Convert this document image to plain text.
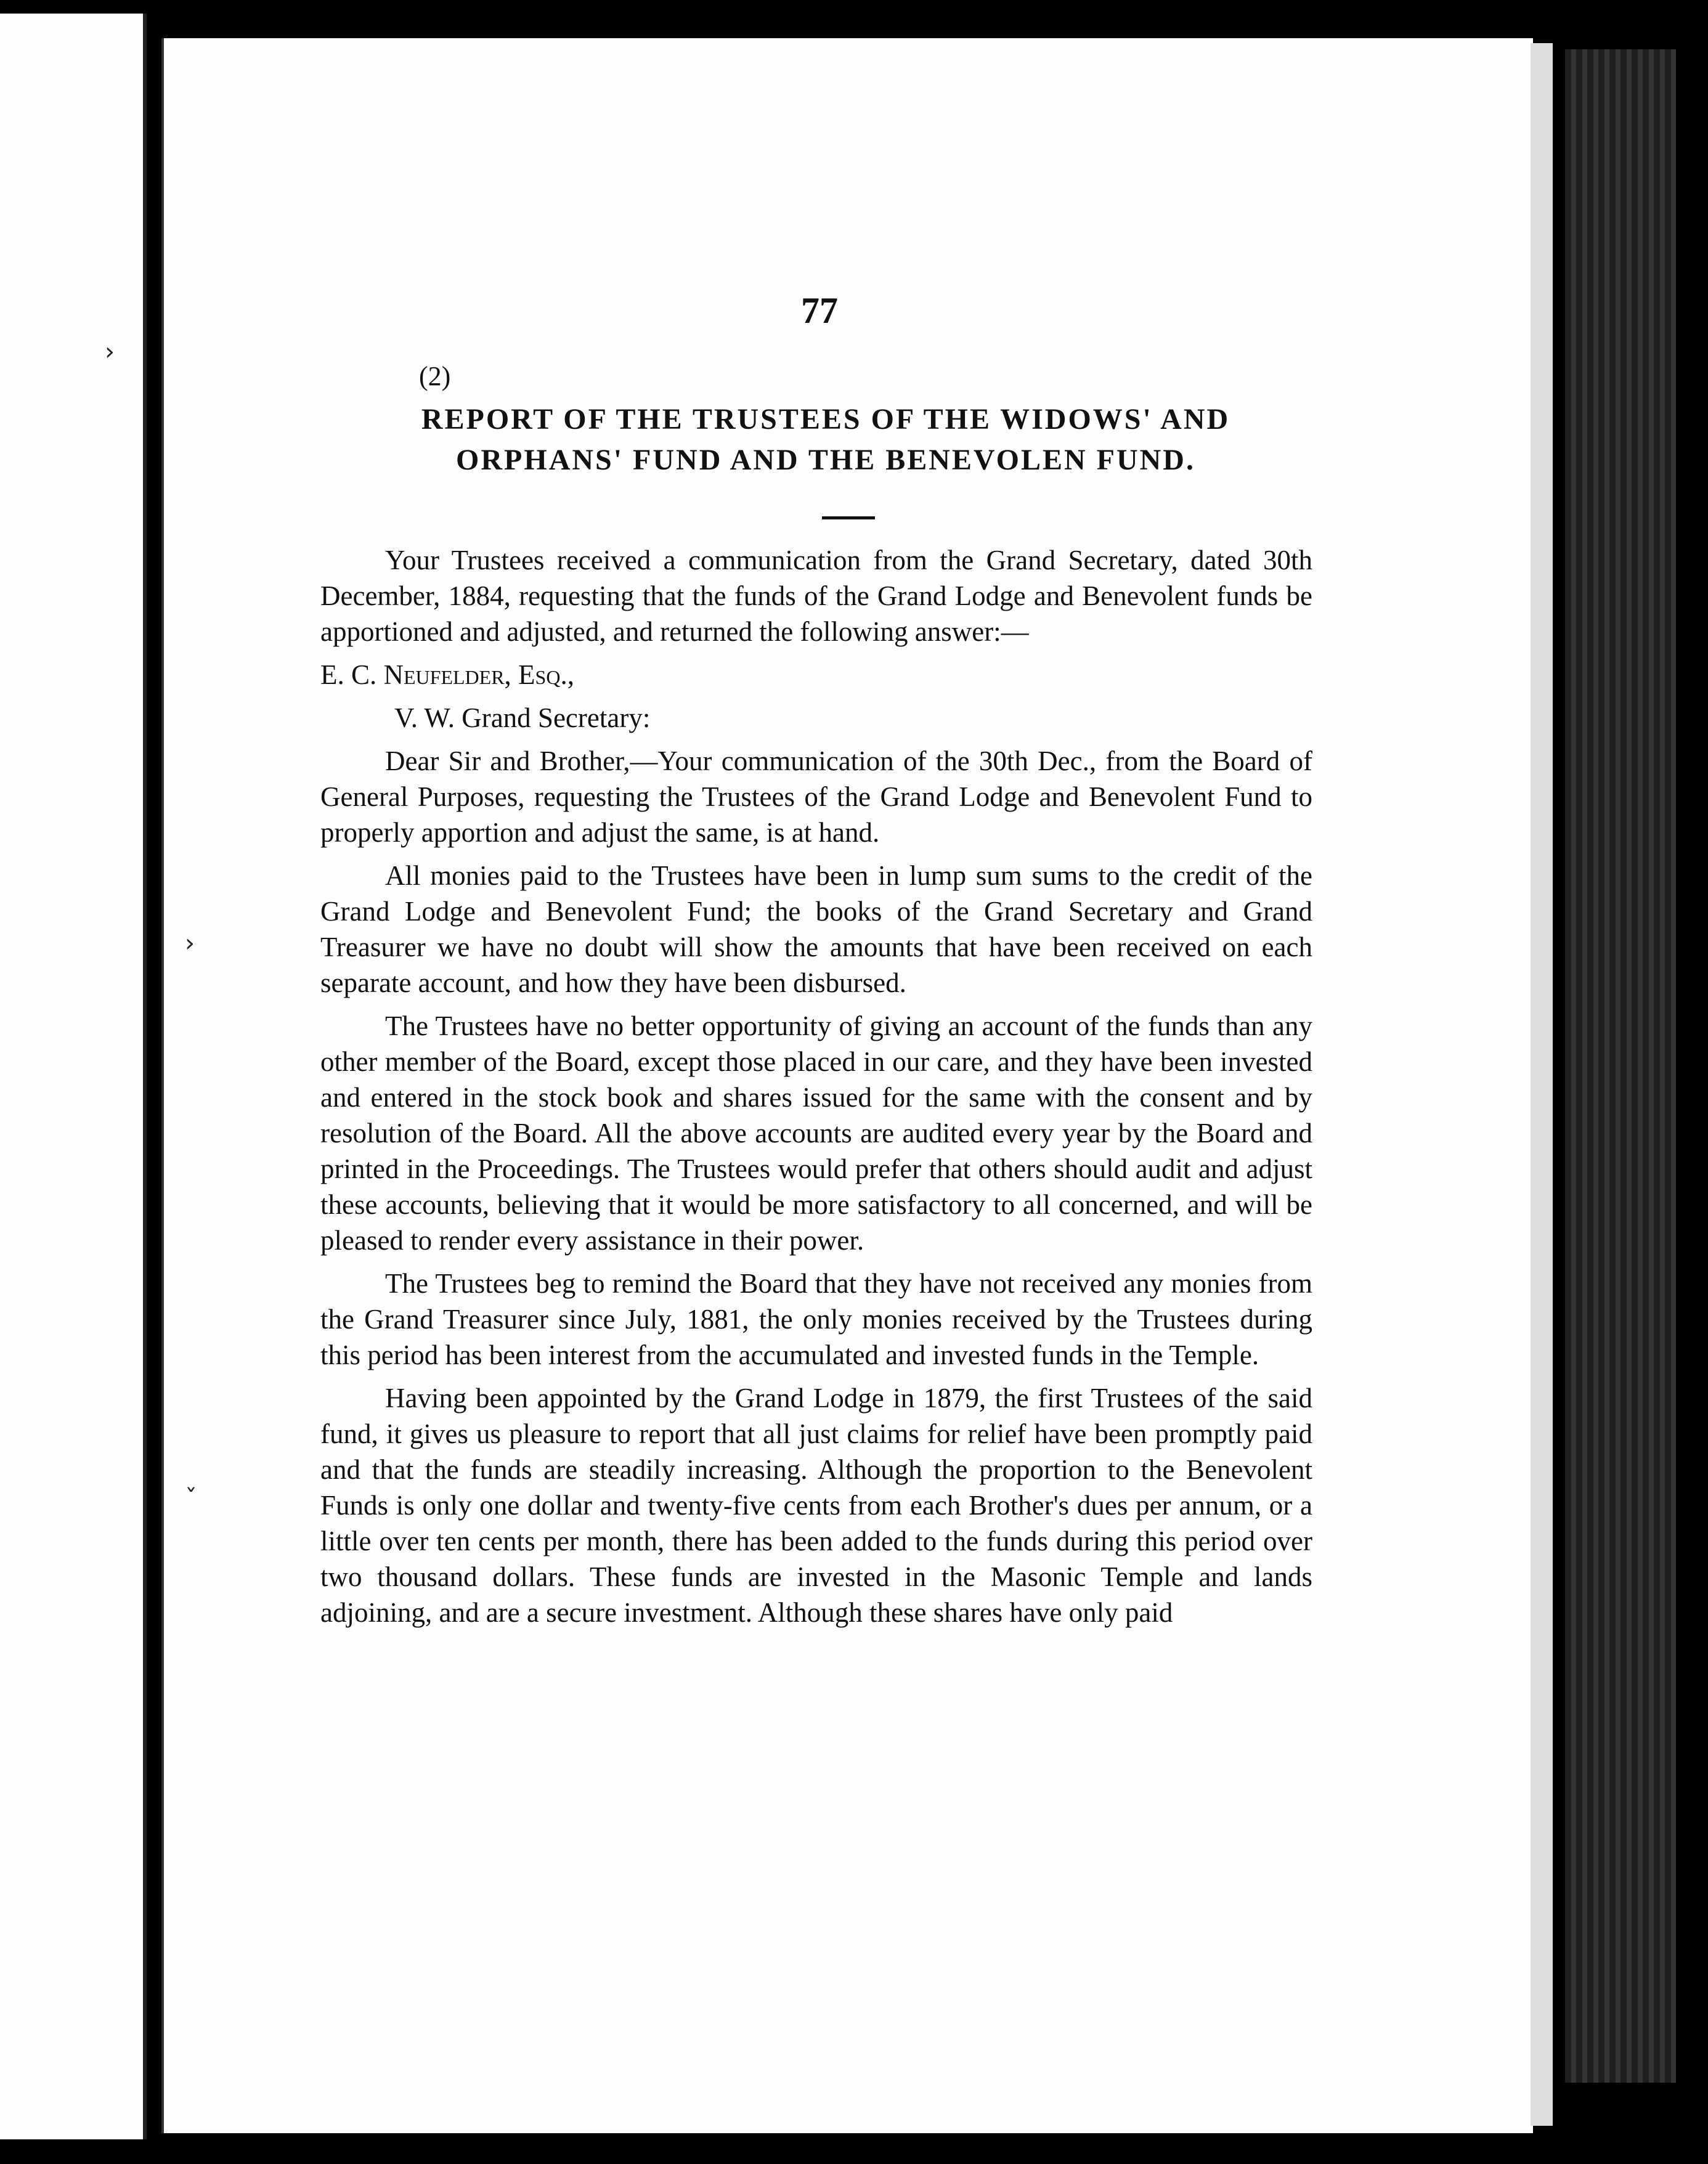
›
›
ˇ
77
(2)
REPORT OF THE TRUSTEES OF THE WIDOWS' AND
ORPHANS' FUND AND THE BENEVOLEN FUND.

Your Trustees received a communication from the Grand Secretary, dated 30th December, 1884, requesting that the funds of the Grand Lodge and Benevolent funds be apportioned and adjusted, and returned the following answer:—

E. C. Neufelder, Esq.,

V. W. Grand Secretary:

Dear Sir and Brother,—Your communication of the 30th Dec., from the Board of General Purposes, requesting the Trustees of the Grand Lodge and Benevolent Fund to properly apportion and adjust the same, is at hand.

All monies paid to the Trustees have been in lump sum sums to the credit of the Grand Lodge and Benevolent Fund; the books of the Grand Secretary and Grand Treasurer we have no doubt will show the amounts that have been received on each separate account, and how they have been disbursed.

The Trustees have no better opportunity of giving an account of the funds than any other member of the Board, except those placed in our care, and they have been invested and entered in the stock book and shares issued for the same with the consent and by resolution of the Board. All the above accounts are audited every year by the Board and printed in the Proceedings. The Trustees would prefer that others should audit and adjust these accounts, believing that it would be more satisfactory to all concerned, and will be pleased to render every assistance in their power.

The Trustees beg to remind the Board that they have not received any monies from the Grand Treasurer since July, 1881, the only monies received by the Trustees during this period has been interest from the accumulated and invested funds in the Temple.

Having been appointed by the Grand Lodge in 1879, the first Trustees of the said fund, it gives us pleasure to report that all just claims for relief have been promptly paid and that the funds are steadily increasing. Although the proportion to the Benevolent Funds is only one dollar and twenty-five cents from each Brother's dues per annum, or a little over ten cents per month, there has been added to the funds during this period over two thousand dollars. These funds are invested in the Masonic Temple and lands adjoining, and are a secure investment. Although these shares have only paid
